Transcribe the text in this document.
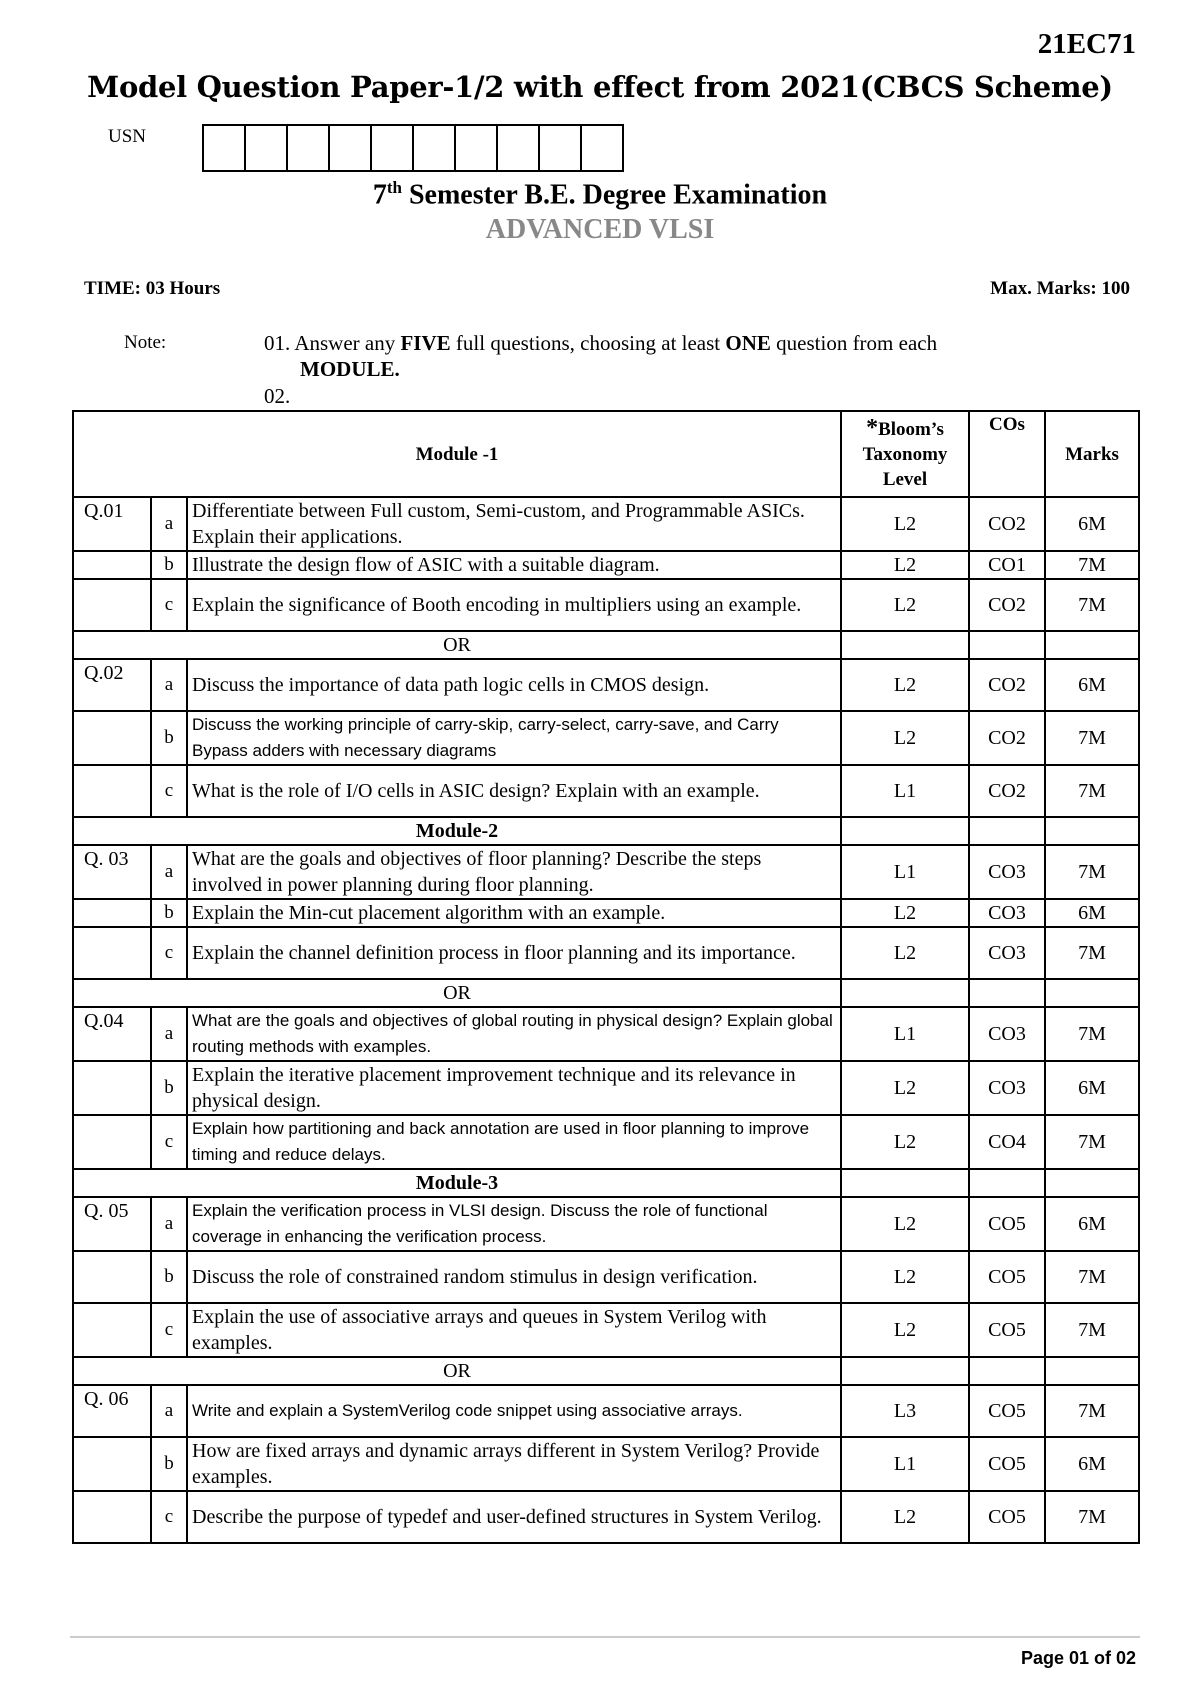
21EC71
Model Question Paper-1/2 with effect from 2021(CBCS Scheme)
USN
7th Semester B.E. Degree Examination
ADVANCED VLSI
TIME: 03 Hours	Max. Marks: 100
Note:	01. Answer any FIVE full questions, choosing at least ONE question from each
MODULE.
02.
Module -1			*Bloom’s Taxonomy Level	COs	Marks
Q.01	a	Differentiate between Full custom, Semi-custom, and Programmable ASICs. Explain their applications.	L2	CO2	6M
	b	Illustrate the design flow of ASIC with a suitable diagram.	L2	CO1	7M
	c	Explain the significance of Booth encoding in multipliers using an example.	L2	CO2	7M
OR					
Q.02	a	Discuss the importance of data path logic cells in CMOS design.	L2	CO2	6M
	b	Discuss the working principle of carry-skip, carry-select, carry-save, and Carry Bypass adders with necessary diagrams	L2	CO2	7M
	c	What is the role of I/O cells in ASIC design? Explain with an example.	L1	CO2	7M
Module-2					
Q. 03	a	What are the goals and objectives of floor planning? Describe the steps involved in power planning during floor planning.	L1	CO3	7M
	b	Explain the Min-cut placement algorithm with an example.	L2	CO3	6M
	c	Explain the channel definition process in floor planning and its importance.	L2	CO3	7M
OR					
Q.04	a	What are the goals and objectives of global routing in physical design? Explain global routing methods with examples.	L1	CO3	7M
	b	Explain the iterative placement improvement technique and its relevance in physical design.	L2	CO3	6M
	c	Explain how partitioning and back annotation are used in floor planning to improve timing and reduce delays.	L2	CO4	7M
Module-3					
Q. 05	a	Explain the verification process in VLSI design. Discuss the role of functional coverage in enhancing the verification process.	L2	CO5	6M
	b	Discuss the role of constrained random stimulus in design verification.	L2	CO5	7M
	c	Explain the use of associative arrays and queues in System Verilog with examples.	L2	CO5	7M
OR					
Q. 06	a	Write and explain a SystemVerilog code snippet using associative arrays.	L3	CO5	7M
	b	How are fixed arrays and dynamic arrays different in System Verilog? Provide examples.	L1	CO5	6M
	c	Describe the purpose of typedef and user-defined structures in System Verilog.	L2	CO5	7M
Page 01 of 02
